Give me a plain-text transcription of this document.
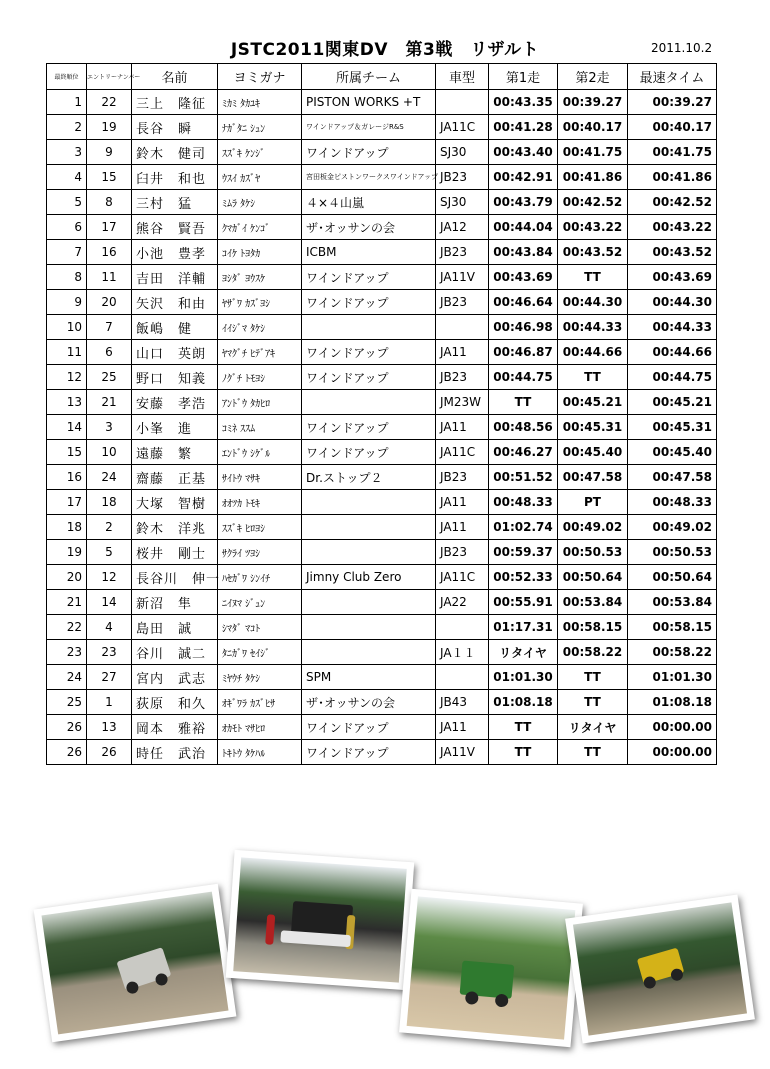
JSTC2011関東DV　第3戦　リザルト	2011.10.2
最終順位	エントリーナンバー	名前	ヨミガナ	所属チーム	車型	第1走	第2走	最速タイム
1	22	三上　隆征	ﾐｶﾐ ﾀｶﾕｷ	PISTON WORKS +T		00:43.35	00:39.27	00:39.27
2	19	長谷　瞬	ﾅｶﾞﾀﾆ ｼｭﾝ	ワインドアップ＆ガレージR&S	JA11C	00:41.28	00:40.17	00:40.17
3	9	鈴木　健司	ｽｽﾞｷ ｹﾝｼﾞ	ワインドアップ	SJ30	00:43.40	00:41.75	00:41.75
4	15	臼井　和也	ｳｽｲ ｶｽﾞﾔ	宮田板金ピストンワークスワインドアップ	JB23	00:42.91	00:41.86	00:41.86
5	8	三村　猛	ﾐﾑﾗ ﾀｹｼ	４×４山嵐	SJ30	00:43.79	00:42.52	00:42.52
6	17	熊谷　賢吾	ｸﾏｶﾞｲ ｹﾝｺﾞ	ザ･オッサンの会	JA12	00:44.04	00:43.22	00:43.22
7	16	小池　豊孝	ｺｲｹ ﾄﾖﾀｶ	ICBM	JB23	00:43.84	00:43.52	00:43.52
8	11	吉田　洋輔	ﾖｼﾀﾞ ﾖｳｽｹ	ワインドアップ	JA11V	00:43.69	TT	00:43.69
9	20	矢沢　和由	ﾔｻﾞﾜ ｶｽﾞﾖｼ	ワインドアップ	JB23	00:46.64	00:44.30	00:44.30
10	7	飯嶋　健	ｲｲｼﾞﾏ ﾀｹｼ			00:46.98	00:44.33	00:44.33
11	6	山口　英朗	ﾔﾏｸﾞﾁ ﾋﾃﾞｱｷ	ワインドアップ	JA11	00:46.87	00:44.66	00:44.66
12	25	野口　知義	ﾉｸﾞﾁ ﾄﾓﾖｼ	ワインドアップ	JB23	00:44.75	TT	00:44.75
13	21	安藤　孝浩	ｱﾝﾄﾞｳ ﾀｶﾋﾛ		JM23W	TT	00:45.21	00:45.21
14	3	小峯　進	ｺﾐﾈ ｽｽﾑ	ワインドアップ	JA11	00:48.56	00:45.31	00:45.31
15	10	遠藤　繁	ｴﾝﾄﾞｳ ｼｹﾞﾙ	ワインドアップ	JA11C	00:46.27	00:45.40	00:45.40
16	24	齋藤　正基	ｻｲﾄｳ ﾏｻｷ	Dr.ストップ２	JB23	00:51.52	00:47.58	00:47.58
17	18	大塚　智樹	ｵｵﾂｶ ﾄﾓｷ		JA11	00:48.33	PT	00:48.33
18	2	鈴木　洋兆	ｽｽﾞｷ ﾋﾛﾖｼ		JA11	01:02.74	00:49.02	00:49.02
19	5	桜井　剛士	ｻｸﾗｲ ﾂﾖｼ		JB23	00:59.37	00:50.53	00:50.53
20	12	長谷川　伸一	ﾊｾｶﾞﾜ ｼﾝｲﾁ	Jimny Club Zero	JA11C	00:52.33	00:50.64	00:50.64
21	14	新沼　隼	ﾆｲﾇﾏ ｼﾞｭﾝ		JA22	00:55.91	00:53.84	00:53.84
22	4	島田　誠	ｼﾏﾀﾞ ﾏｺﾄ			01:17.31	00:58.15	00:58.15
23	23	谷川　誠二	ﾀﾆｶﾞﾜ ｾｲｼﾞ		JA１１	リタイヤ	00:58.22	00:58.22
24	27	宮内　武志	ﾐﾔｳﾁ ﾀｹｼ	SPM		01:01.30	TT	01:01.30
25	1	荻原　和久	ｵｷﾞﾜﾗ ｶｽﾞﾋｻ	ザ･オッサンの会	JB43	01:08.18	TT	01:08.18
26	13	岡本　雅裕	ｵｶﾓﾄ ﾏｻﾋﾛ	ワインドアップ	JA11	TT	リタイヤ	00:00.00
26	26	時任　武治	ﾄｷﾄｳ ﾀｹﾊﾙ	ワインドアップ	JA11V	TT	TT	00:00.00
